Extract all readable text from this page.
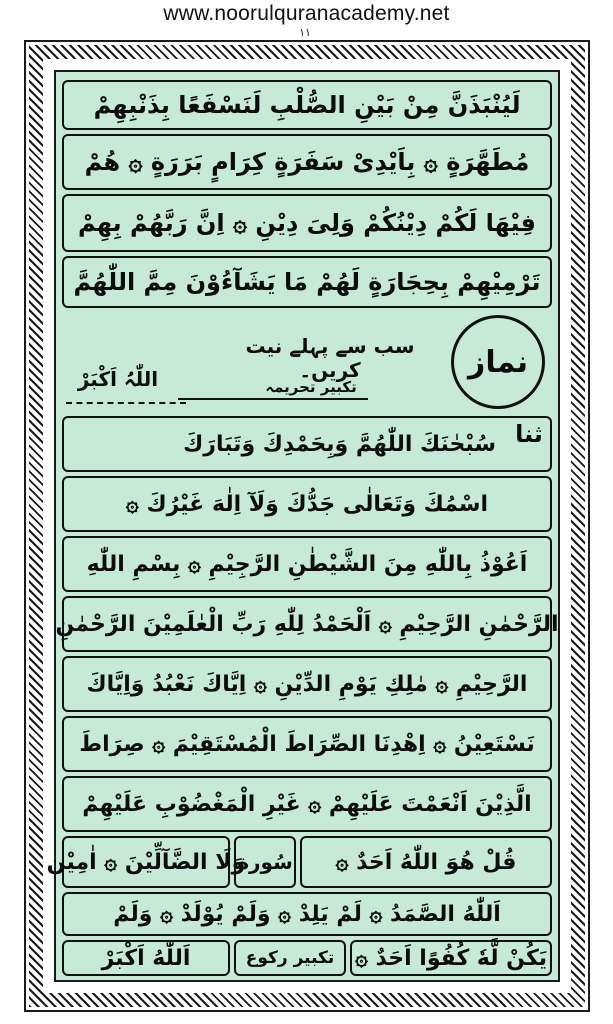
www.noorulquranacademy.net
١١
لَيُنْبَذَنَّ مِنْ بَيْنِ الصُّلْبِ لَنَسْفَعًا بِذَنْبِهِمْ
مُطَهَّرَةٍ ۞ بِاَيْدِىْ سَفَرَةٍ كِرَامٍ بَرَرَةٍ ۞ هُمْ
فِيْهَا لَكُمْ دِيْنُكُمْ وَلِىَ دِيْنِ ۞ اِنَّ رَبَّهُمْ بِهِمْ
تَرْمِيْهِمْ بِحِجَارَةٍ لَهُمْ مَا يَشَآءُوْنَ مِمَّ اللّٰهُمَّ
نماز
سب سے پہلے نیت کریں۔
تکبیر تحریمہ
اللّٰہُ اَکْبَرْ
سُبْحٰنَكَ اللّٰهُمَّ وَبِحَمْدِكَ وَتَبَارَكَ ثنا
اسْمُكَ وَتَعَالٰى جَدُّكَ وَلَآ اِلٰهَ غَيْرُكَ ۞
اَعُوْذُ بِاللّٰهِ مِنَ الشَّيْطٰنِ الرَّجِيْمِ ۞ بِسْمِ اللّٰهِ
الرَّحْمٰنِ الرَّحِيْمِ ۞ اَلْحَمْدُ لِلّٰهِ رَبِّ الْعٰلَمِيْنَ الرَّحْمٰنِ
الرَّحِيْمِ ۞ مٰلِكِ يَوْمِ الدِّيْنِ ۞ اِيَّاكَ نَعْبُدُ وَاِيَّاكَ
نَسْتَعِيْنُ ۞ اِهْدِنَا الصِّرَاطَ الْمُسْتَقِيْمَ ۞ صِرَاطَ
الَّذِيْنَ اَنْعَمْتَ عَلَيْهِمْ ۞ غَيْرِ الْمَغْضُوْبِ عَلَيْهِمْ
وَلَا الضَّآلِّيْنَ ۞ اٰمِيْن
سُورة	قُلْ هُوَ اللّٰهُ اَحَدٌ ۞
اَللّٰهُ الصَّمَدُ ۞ لَمْ يَلِدْ ۞ وَلَمْ يُوْلَدْ ۞ وَلَمْ
اَللّٰهُ اَكْبَرْ	تکبیر رکوع يَكُنْ لَّهٗ كُفُوًا اَحَدٌ ۞
